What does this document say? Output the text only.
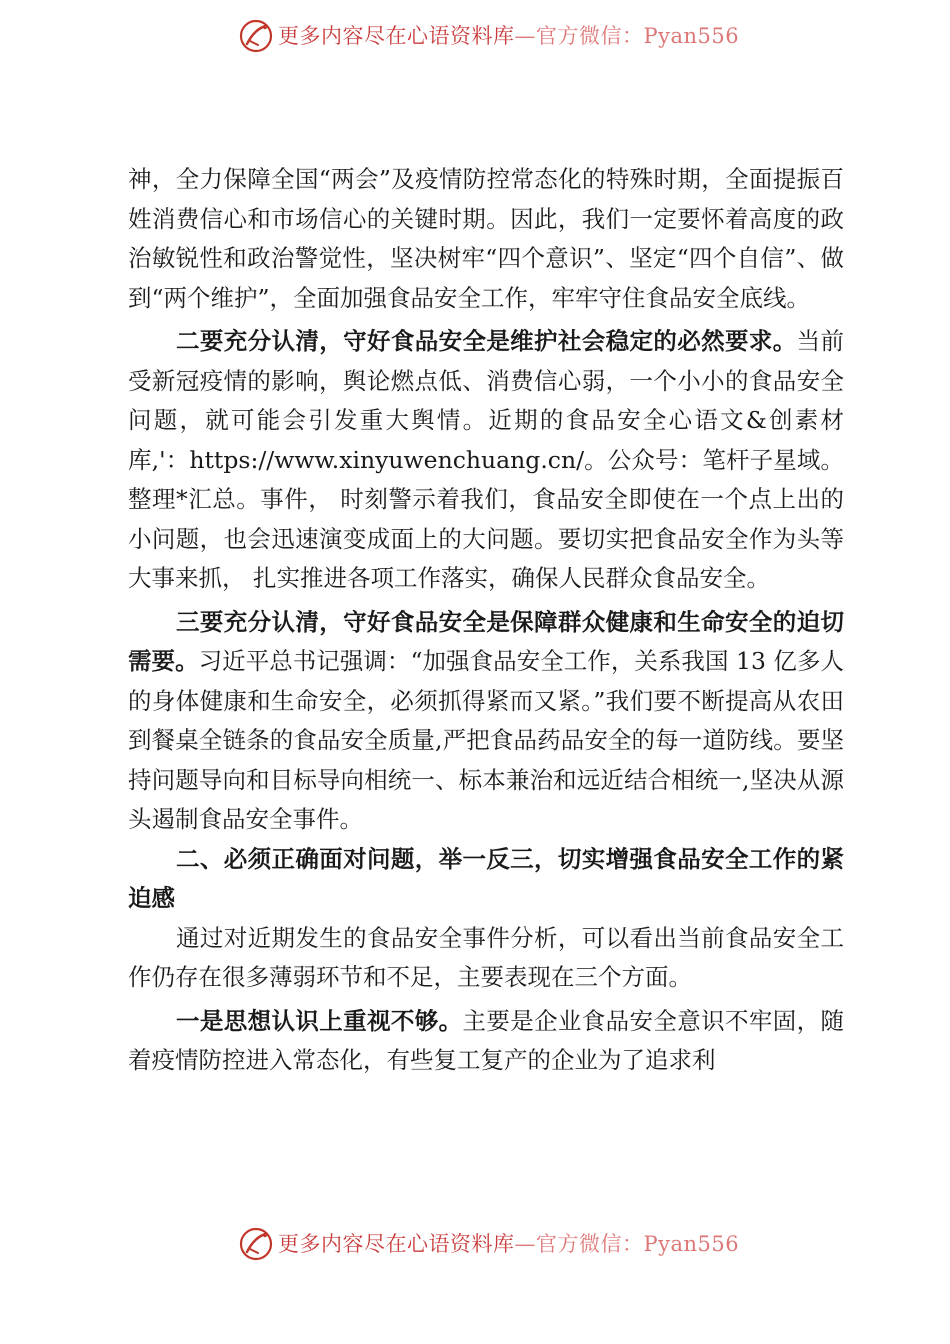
更多内容尽在心语资料库—官方微信：Pyan556

神，全力保障全国“两会”及疫情防控常态化的特殊时期，全面提振百姓消费信心和市场信心的关键时期。因此，我们一定要怀着高度的政治敏锐性和政治警觉性，坚决树牢“四个意识”、坚定“四个自信”、做到“两个维护”，全面加强食品安全工作，牢牢守住食品安全底线。

二要充分认清，守好食品安全是维护社会稳定的必然要求。当前受新冠疫情的影响，舆论燃点低、消费信心弱，一个小小的食品安全问题，就可能会引发重大舆情。近期的食品安全心语文&创素材库,'：https://www.xinyuwenchuang.cn/。公众号：笔杆子星域。整理*汇总。事件， 时刻警示着我们，食品安全即使在一个点上出的小问题，也会迅速演变成面上的大问题。要切实把食品安全作为头等大事来抓， 扎实推进各项工作落实，确保人民群众食品安全。

三要充分认清，守好食品安全是保障群众健康和生命安全的迫切需要。习近平总书记强调：“加强食品安全工作，关系我国 13 亿多人的身体健康和生命安全，必须抓得紧而又紧。”我们要不断提高从农田到餐桌全链条的食品安全质量,严把食品药品安全的每一道防线。要坚持问题导向和目标导向相统一、标本兼治和远近结合相统一,坚决从源头遏制食品安全事件。

二、必须正确面对问题，举一反三，切实增强食品安全工作的紧迫感

通过对近期发生的食品安全事件分析，可以看出当前食品安全工作仍存在很多薄弱环节和不足，主要表现在三个方面。

一是思想认识上重视不够。主要是企业食品安全意识不牢固，随着疫情防控进入常态化，有些复工复产的企业为了追求利

更多内容尽在心语资料库—官方微信：Pyan556
